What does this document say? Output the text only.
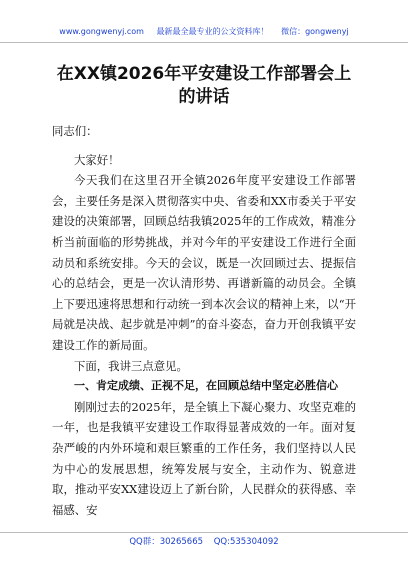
www.gongwenyj.com 最新最全最专业的公文资料库！ 微信：gongwenyj
在XX镇2026年平安建设工作部署会上
的讲话

同志们：

大家好！

今天我们在这里召开全镇2026年度平安建设工作部署会，主要任务是深入贯彻落实中央、省委和XX市委关于平安建设的决策部署，回顾总结我镇2025年的工作成效，精准分析当前面临的形势挑战，并对今年的平安建设工作进行全面动员和系统安排。今天的会议，既是一次回顾过去、提振信心的总结会，更是一次认清形势、再谱新篇的动员会。全镇上下要迅速将思想和行动统一到本次会议的精神上来，以“开局就是决战、起步就是冲刺”的奋斗姿态，奋力开创我镇平安建设工作的新局面。

下面，我讲三点意见。

一、肯定成绩、正视不足，在回顾总结中坚定必胜信心

刚刚过去的2025年，是全镇上下凝心聚力、攻坚克难的一年，也是我镇平安建设工作取得显著成效的一年。面对复杂严峻的内外环境和艰巨繁重的工作任务，我们坚持以人民为中心的发展思想，统筹发展与安全，主动作为、锐意进取，推动平安XX建设迈上了新台阶，人民群众的获得感、幸福感、安

QQ群：30265665 QQ:535304092
